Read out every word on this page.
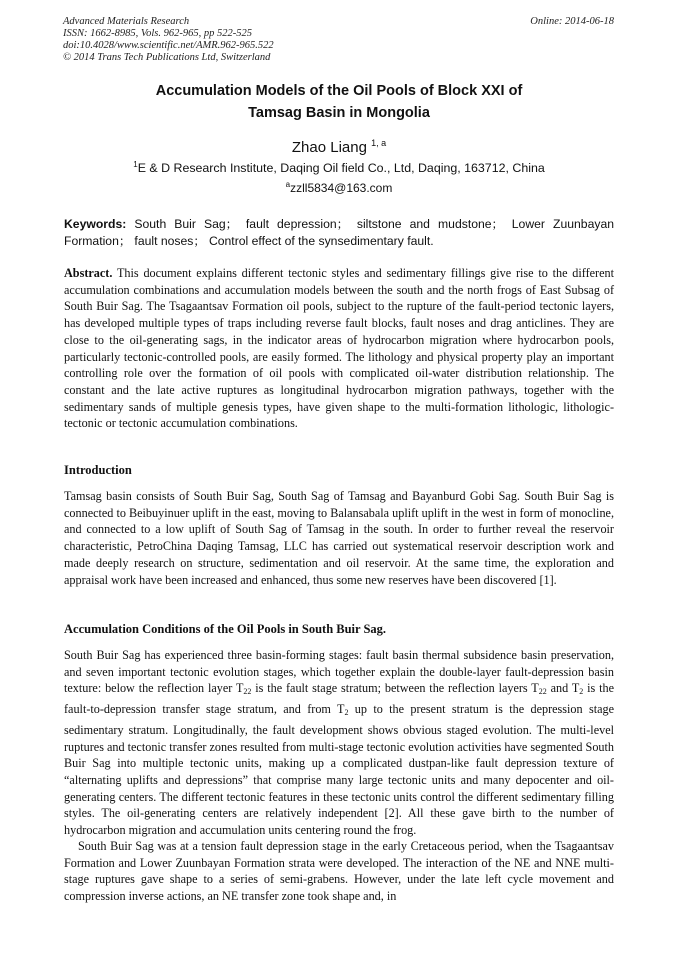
Advanced Materials Research
ISSN: 1662-8985, Vols. 962-965, pp 522-525
doi:10.4028/www.scientific.net/AMR.962-965.522
© 2014 Trans Tech Publications Ltd, Switzerland
Online: 2014-06-18
Accumulation Models of the Oil Pools of Block XXI of
Tamsag Basin in Mongolia
Zhao Liang $^{1, a}$
$^1$E & D Research Institute, Daqing Oil field Co., Ltd, Daqing, 163712, China
$^a$zzll5834@163.com
Keywords: South Buir Sag； fault depression； siltstone and mudstone； Lower Zuunbayan Formation； fault noses； Control effect of the synsedimentary fault.
Abstract. This document explains different tectonic styles and sedimentary fillings give rise to the different accumulation combinations and accumulation models between the south and the north frogs of East Subsag of South Buir Sag. The Tsagaantsav Formation oil pools, subject to the rupture of the fault-period tectonic layers, has developed multiple types of traps including reverse fault blocks, fault noses and drag anticlines. They are close to the oil-generating sags, in the indicator areas of hydrocarbon migration where hydrocarbon pools, particularly tectonic-controlled pools, are easily formed. The lithology and physical property play an important controlling role over the formation of oil pools with complicated oil-water distribution relationship. The constant and the late active ruptures as longitudinal hydrocarbon migration pathways, together with the sedimentary sands of multiple genesis types, have given shape to the multi-formation lithologic, lithologic-tectonic or tectonic accumulation combinations.
Introduction
Tamsag basin consists of South Buir Sag, South Sag of Tamsag and Bayanburd Gobi Sag. South Buir Sag is connected to Beibuyinuer uplift in the east, moving to Balansabala uplift uplift in the west in form of monocline, and connected to a low uplift of South Sag of Tamsag in the south. In order to further reveal the reservoir characteristic, PetroChina Daqing Tamsag, LLC has carried out systematical reservoir description work and made deeply research on structure, sedimentation and oil reservoir. At the same time, the exploration and appraisal work have been increased and enhanced, thus some new reserves have been discovered [1].
Accumulation Conditions of the Oil Pools in South Buir Sag.
South Buir Sag has experienced three basin-forming stages: fault basin thermal subsidence basin preservation, and seven important tectonic evolution stages, which together explain the double-layer fault-depression basin texture: below the reflection layer $T_{22}$ is the fault stage stratum; between the reflection layers $T_{22}$ and $T_2$ is the fault-to-depression transfer stage stratum, and from $T_2$ up to the present stratum is the depression stage sedimentary stratum. Longitudinally, the fault development shows obvious staged evolution. The multi-level ruptures and tectonic transfer zones resulted from multi-stage tectonic evolution activities have segmented South Buir Sag into multiple tectonic units, making up a complicated dustpan-like fault depression texture of “alternating uplifts and depressions” that comprise many large tectonic units and many depocenter and oil-generating centers. The different tectonic features in these tectonic units control the different sedimentary filling styles. The oil-generating centers are relatively independent [2]. All these gave birth to the number of hydrocarbon migration and accumulation units centering round the frog.
South Buir Sag was at a tension fault depression stage in the early Cretaceous period, when the Tsagaantsav Formation and Lower Zuunbayan Formation strata were developed. The interaction of the NE and NNE multi-stage ruptures gave shape to a series of semi-grabens. However, under the late left cycle movement and compression inverse actions, an NE transfer zone took shape and, in
